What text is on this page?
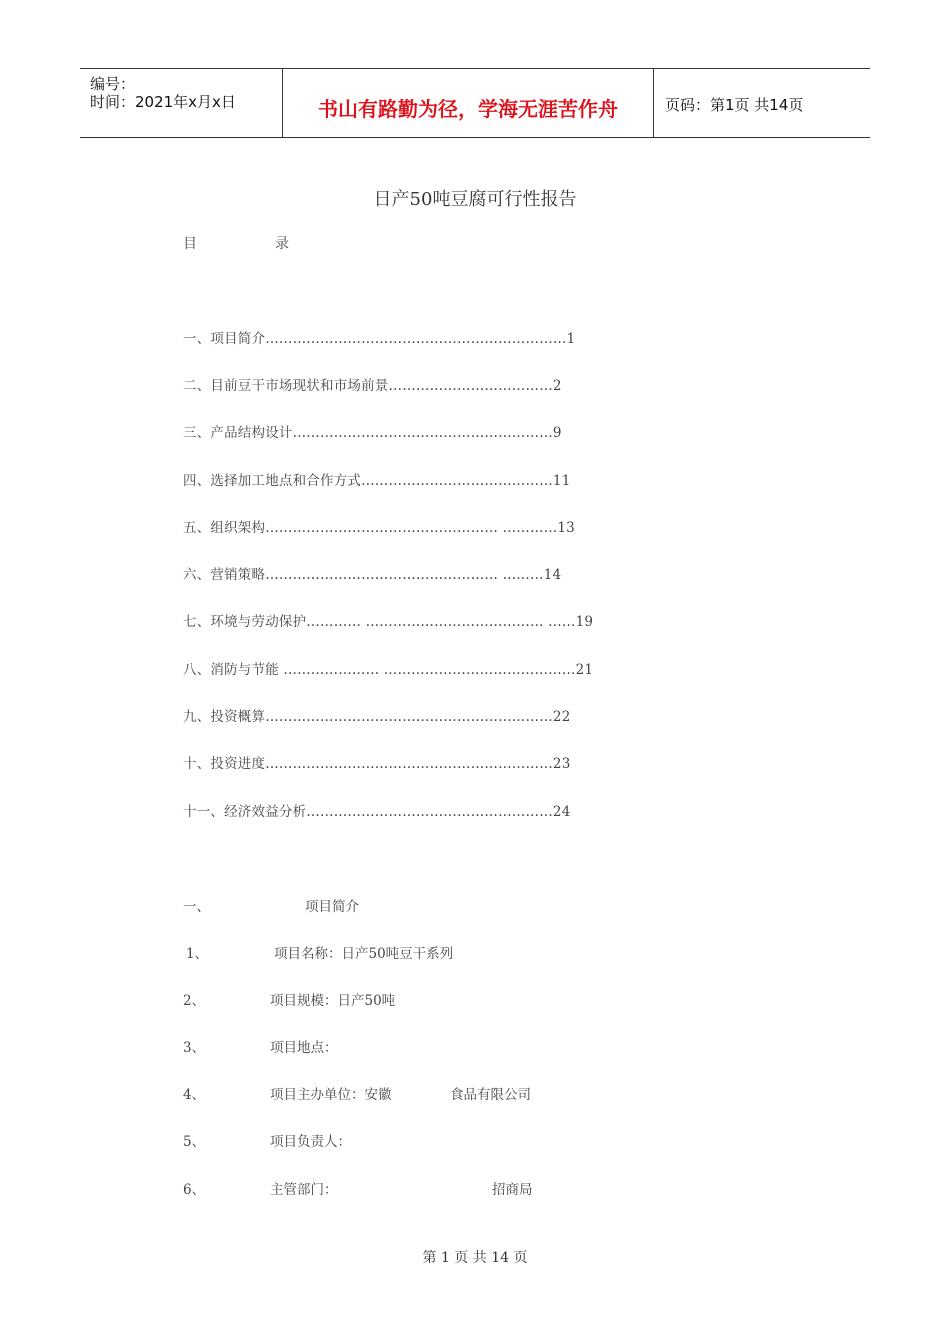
编号：
时间：2021年x月x日	书山有路勤为径，学海无涯苦作舟	页码：第1页 共14页
日产50吨豆腐可行性报告
目	录
一、项目简介…………………………………………………………1
二、目前豆干市场现状和市场前景………………………………2
三、产品结构设计…………………………………………………9
四、选择加工地点和合作方式……………………………………11
五、组织架构…………………………………………… …………13
六、营销策略…………………………………………… ………14
七、环境与劳动保护………… ………………………………… ……19
八、消防与节能 ………………… ……………………………………21
九、投资概算………………………………………………………22
十、投资进度………………………………………………………23
十一、经济效益分析………………………………………………24
一、	项目简介
1、	项目名称：日产50吨豆干系列
2、	项目规模：日产50吨
3、	项目地点：
4、	项目主办单位：安徽	食品有限公司
5、	项目负责人：
6、	主管部门：	招商局
第 1 页 共 14 页
